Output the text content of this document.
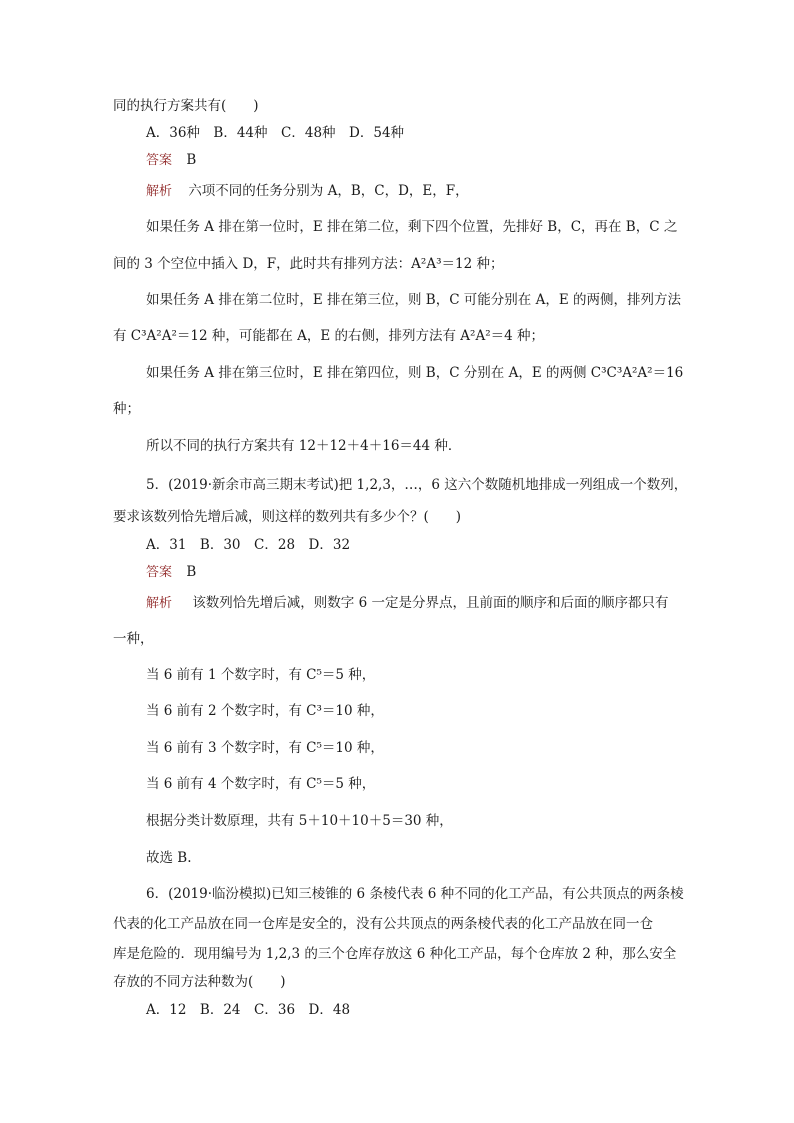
同的执行方案共有(　　)
A．36种　B．44种　C．48种　D．54种
答案 B
解析 六项不同的任务分别为 A，B，C，D，E，F，
如果任务 A 排在第一位时，E 排在第二位，剩下四个位置，先排好 B，C，再在 B，C 之
间的 3 个空位中插入 D，F，此时共有排列方法：A²A³＝12 种；
如果任务 A 排在第二位时，E 排在第三位，则 B，C 可能分别在 A，E 的两侧，排列方法
有 C³A²A²＝12 种，可能都在 A，E 的右侧，排列方法有 A²A²＝4 种；
如果任务 A 排在第三位时，E 排在第四位，则 B，C 分别在 A，E 的两侧 C³C³A²A²＝16
种；
所以不同的执行方案共有 12＋12＋4＋16＝44 种．
5．(2019·新余市高三期末考试)把 1,2,3，…，6 这六个数随机地排成一列组成一个数列，
要求该数列恰先增后减，则这样的数列共有多少个？(　　)
A．31　B．30　C．28　D．32
答案 B
解析 该数列恰先增后减，则数字 6 一定是分界点，且前面的顺序和后面的顺序都只有
一种，
当 6 前有 1 个数字时，有 C⁵＝5 种，
当 6 前有 2 个数字时，有 C³＝10 种，
当 6 前有 3 个数字时，有 C⁵＝10 种，
当 6 前有 4 个数字时，有 C⁵＝5 种，
根据分类计数原理，共有 5＋10＋10＋5＝30 种，
故选 B.
6．(2019·临汾模拟)已知三棱锥的 6 条棱代表 6 种不同的化工产品，有公共顶点的两条棱
代表的化工产品放在同一仓库是安全的，没有公共顶点的两条棱代表的化工产品放在同一仓
库是危险的．现用编号为 1,2,3 的三个仓库存放这 6 种化工产品，每个仓库放 2 种，那么安全
存放的不同方法种数为(　　)
A．12　B．24　C．36　D．48
